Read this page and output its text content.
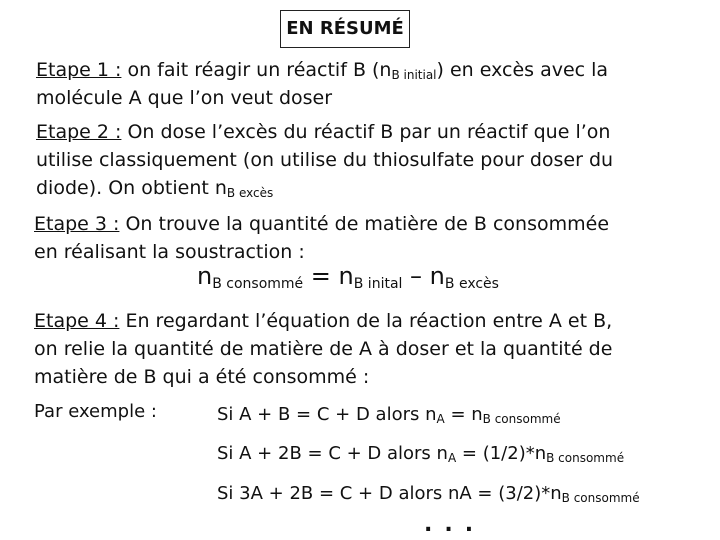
EN RÉSUMÉ
Etape 1 : on fait réagir un réactif B $(n_{B initial})$ en excès avec la
molécule A que l’on veut doser
Etape 2 : On dose l’excès du réactif B par un réactif que l’on
utilise classiquement (on utilise du thiosulfate pour doser du
diode). On obtient $n_{B excès}$
Etape 3 : On trouve la quantité de matière de B consommée
en réalisant la soustraction :
$n_{B consommé} = n_{B inital} - n_{B excès}$
Etape 4 : En regardant l’équation de la réaction entre A et B,
on relie la quantité de matière de A à doser et la quantité de
matière de B qui a été consommé :
Par exemple :	Si A + B = C + D alors $n_A = n_{B consommé}$
Si A + 2B = C + D alors $n_A = (1/2)*n_{B consommé}$
Si 3A + 2B = C + D alors nA = $(3/2)*n_{B consommé}$
...
